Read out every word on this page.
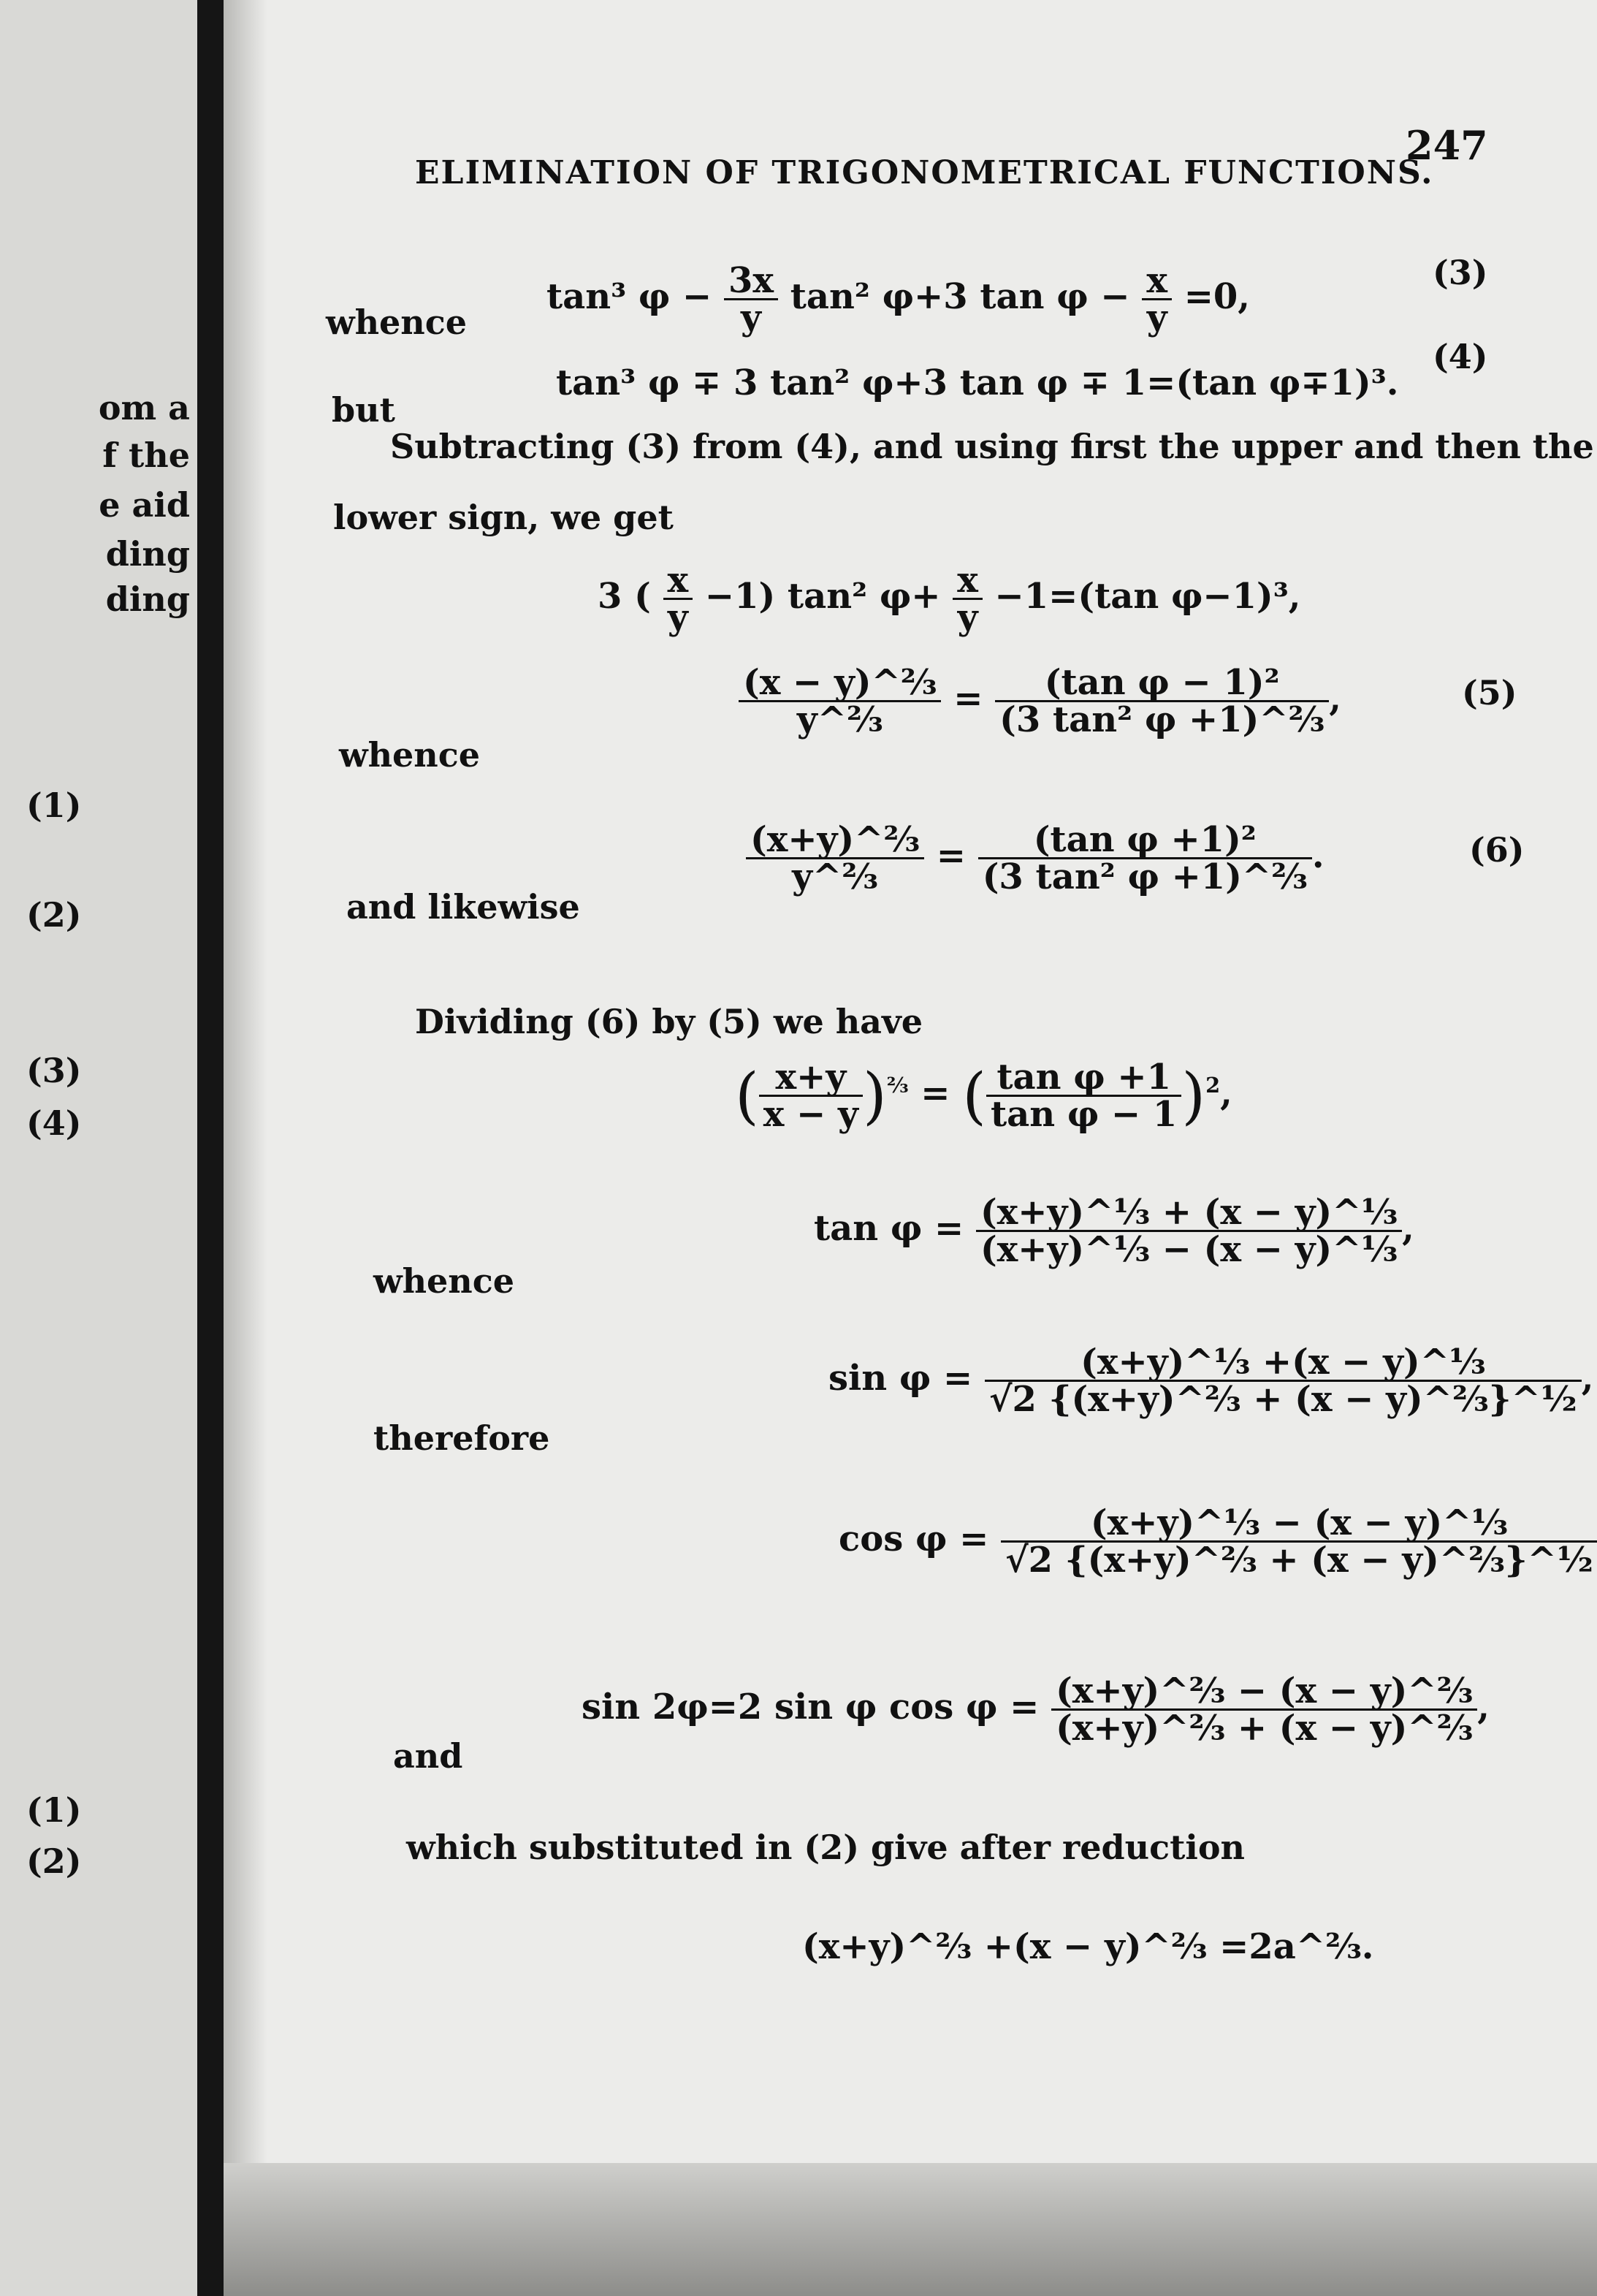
om a
f the
e aid
ding
ding
(1)
(2)
(3)
(4)
(1)
(2)
ELIMINATION OF TRIGONOMETRICAL FUNCTIONS.
247
whence
tan³ $\varphi - \frac{3x}{y} \tan^2$ φ+3 $\tan \varphi - \frac{x}{y} =0$,
(3)
but
tan³ φ ∓ 3 tan² φ+3 tan φ ∓ 1=(tan φ∓1)³.
(4)
Subtracting (3) from (4), and using first the upper and then the
lower sign, we get
3 ( $\frac{x}{y} -1$) tan² $\varphi+ \frac{x}{y} -1=(\tan$ φ−1)³,
whence
$\frac{\text{(x − y)\textasciicircum{}⅔}}{\text{y\textasciicircum{}⅔}} = \frac{\text{(tan φ − 1)²}}{\text{(3 tan² φ +1)\textasciicircum{}⅔}}$ ,	(5)
and likewise
$\frac{\text{(x+y)\textasciicircum{}⅔}}{\text{y\textasciicircum{}⅔}} = \frac{\text{(tan φ +1)²}}{\text{(3 tan² φ +1)\textasciicircum{}⅔}}$ .	(6)
Dividing (6) by (5) we have
( $\frac{x+y}{x - y} )^{\frac{2}{3}}$ = ( $\frac{\text{tan φ +1}}{\text{tan φ − 1}} )^2$,
whence
$\tan \varphi = \frac{\text{(x+y)\textasciicircum{}⅓ + (x − y)\textasciicircum{}⅓}}{\text{(x+y)\textasciicircum{}⅓ − (x − y)\textasciicircum{}⅓}}$ ,
therefore
$\sin \varphi = \frac{\text{(x+y)\textasciicircum{}⅓ +(x − y)\textasciicircum{}⅓}}{\text{√2 \{(x+y)\textasciicircum{}⅔ + (x − y)\textasciicircum{}⅔\}\textasciicircum{}½}}$ ,
$\cos \varphi = \frac{\text{(x+y)\textasciicircum{}⅓ − (x − y)\textasciicircum{}⅓}}{\text{√2 \{(x+y)\textasciicircum{}⅔ + (x − y)\textasciicircum{}⅔\}\textasciicircum{}½}}$
and
sin 2φ=2 sin φ $\cos \varphi = \frac{\text{(x+y)\textasciicircum{}⅔ − (x − y)\textasciicircum{}⅔}}{\text{(x+y)\textasciicircum{}⅔ + (x − y)\textasciicircum{}⅔}}$ ,
which substituted in (2) give after reduction
(x+y)^⅔ +(x − y)^⅔ =2a^⅔.
